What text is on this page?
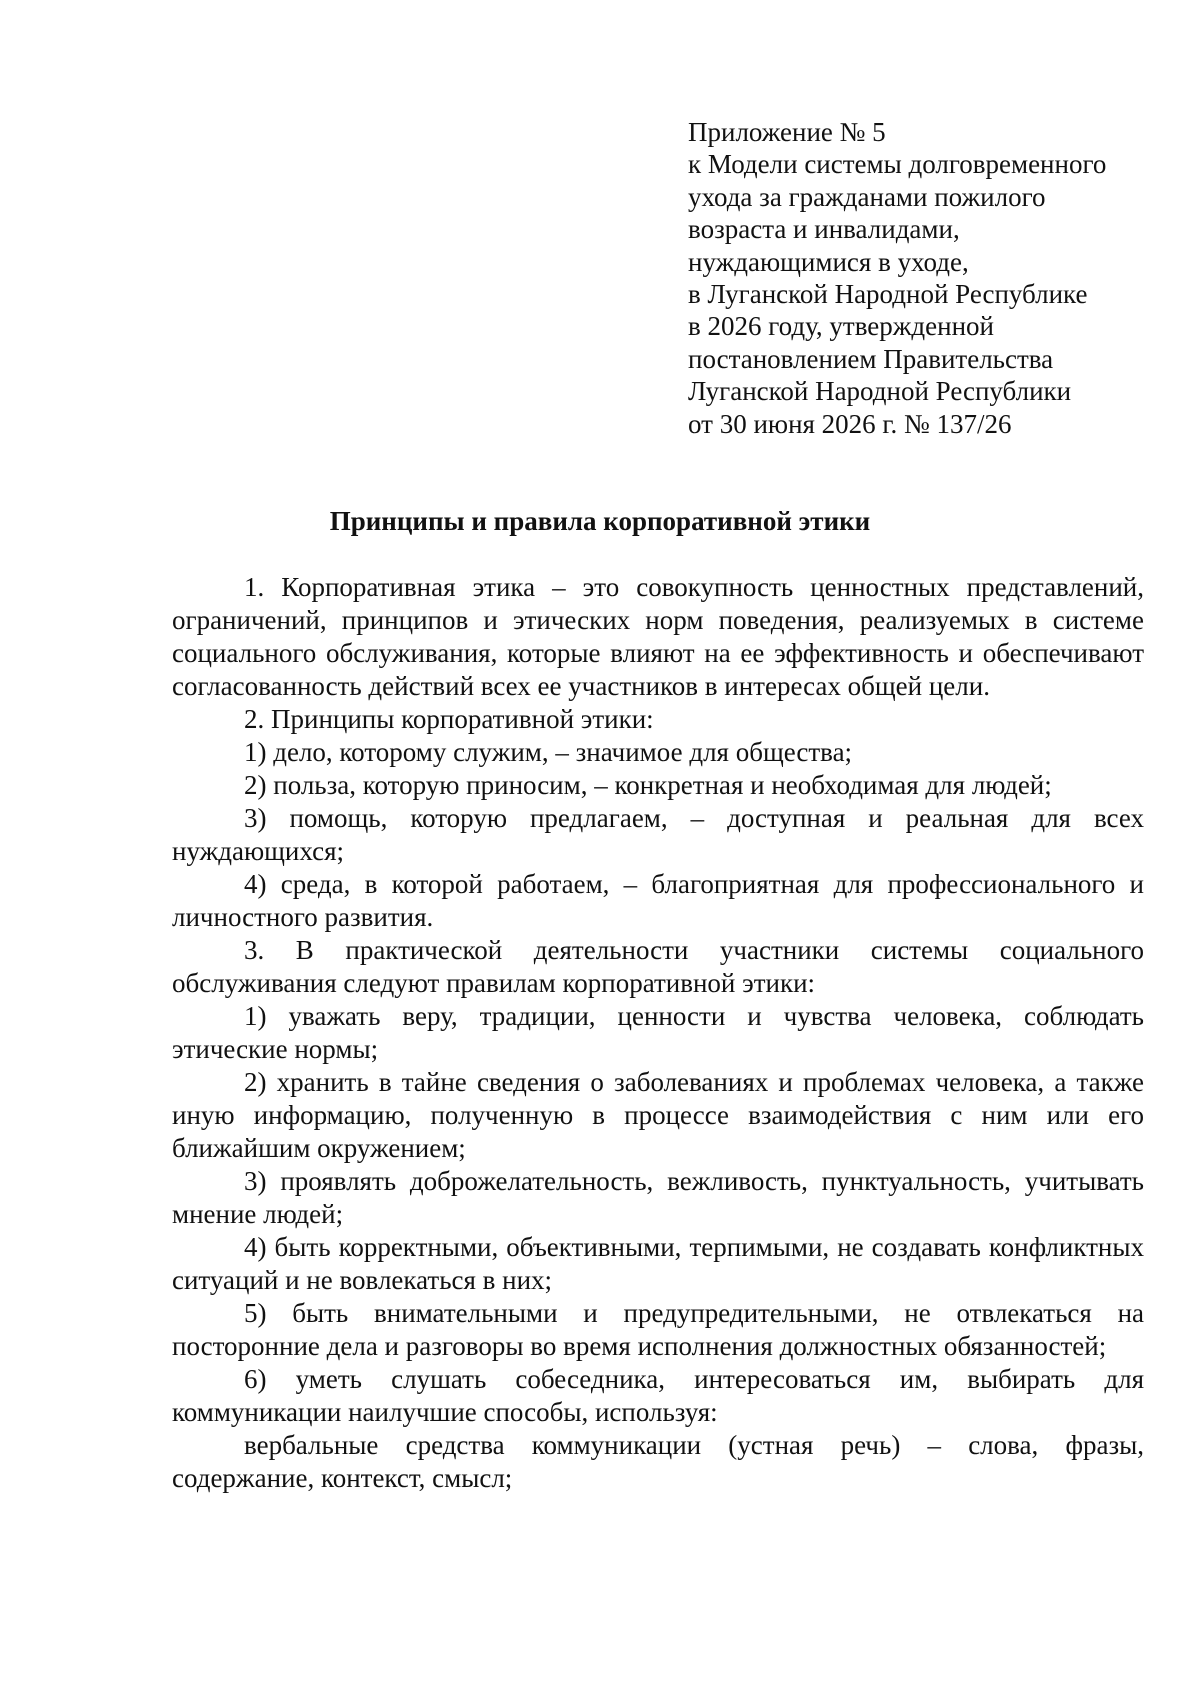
Приложение № 5
к Модели системы долговременного
ухода за гражданами пожилого
возраста и инвалидами,
нуждающимися в уходе,
в Луганской Народной Республике
в 2026 году, утвержденной
постановлением Правительства
Луганской Народной Республики
от 30 июня 2026 г. № 137/26
Принципы и правила корпоративной этики

1. Корпоративная этика – это совокупность ценностных представлений, ограничений, принципов и этических норм поведения, реализуемых в системе социального обслуживания, которые влияют на ее эффективность и обеспечивают согласованность действий всех ее участников в интересах общей цели.

2. Принципы корпоративной этики:

1) дело, которому служим, – значимое для общества;

2) польза, которую приносим, – конкретная и необходимая для людей;

3) помощь, которую предлагаем, – доступная и реальная для всех нуждающихся;

4) среда, в которой работаем, – благоприятная для профессионального и личностного развития.

3. В практической деятельности участники системы социального обслуживания следуют правилам корпоративной этики:

1) уважать веру, традиции, ценности и чувства человека, соблюдать этические нормы;

2) хранить в тайне сведения о заболеваниях и проблемах человека, а также иную информацию, полученную в процессе взаимодействия с ним или его ближайшим окружением;

3) проявлять доброжелательность, вежливость, пунктуальность, учитывать мнение людей;

4) быть корректными, объективными, терпимыми, не создавать конфликтных ситуаций и не вовлекаться в них;

5) быть внимательными и предупредительными, не отвлекаться на посторонние дела и разговоры во время исполнения должностных обязанностей;

6) уметь слушать собеседника, интересоваться им, выбирать для коммуникации наилучшие способы, используя:

вербальные средства коммуникации (устная речь) – слова, фразы, содержание, контекст, смысл;
